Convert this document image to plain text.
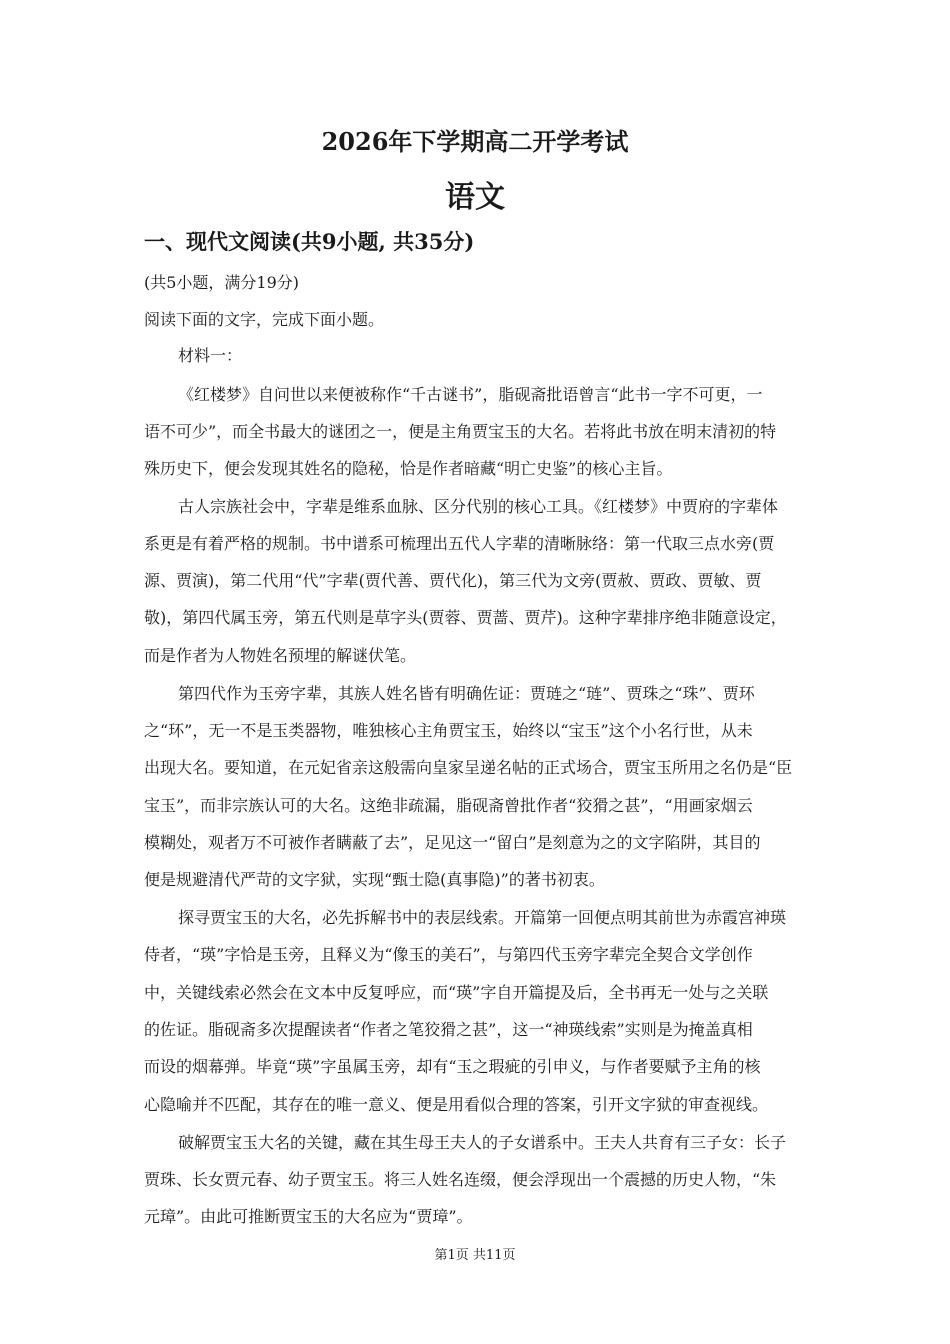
2026年下学期高二开学考试
语文
一、现代文阅读(共9小题, 共35分)
(共5小题，满分19分)
阅读下面的文字，完成下面小题。
材料一：
《红楼梦》自问世以来便被称作“千古谜书”，脂砚斋批语曾言“此书一字不可更，一
语不可少”，而全书最大的谜团之一，便是主角贾宝玉的大名。若将此书放在明末清初的特
殊历史下，便会发现其姓名的隐秘，恰是作者暗藏“明亡史鉴”的核心主旨。
古人宗族社会中，字辈是维系血脉、区分代别的核心工具。《红楼梦》中贾府的字辈体
系更是有着严格的规制。书中谱系可梳理出五代人字辈的清晰脉络：第一代取三点水旁(贾
源、贾演)，第二代用“代”字辈(贾代善、贾代化)，第三代为文旁(贾赦、贾政、贾敏、贾
敬)，第四代属玉旁，第五代则是草字头(贾蓉、贾蔷、贾芹)。这种字辈排序绝非随意设定，
而是作者为人物姓名预埋的解谜伏笔。
第四代作为玉旁字辈，其族人姓名皆有明确佐证：贾琏之“琏”、贾珠之“珠”、贾环
之“环”，无一不是玉类器物，唯独核心主角贾宝玉，始终以“宝玉”这个小名行世，从未
出现大名。要知道，在元妃省亲这般需向皇家呈递名帖的正式场合，贾宝玉所用之名仍是“臣
宝玉”，而非宗族认可的大名。这绝非疏漏，脂砚斋曾批作者“狡猾之甚”，“用画家烟云
模糊处，观者万不可被作者瞒蔽了去”，足见这一“留白”是刻意为之的文字陷阱，其目的
便是规避清代严苛的文字狱，实现“甄士隐(真事隐)”的著书初衷。
探寻贾宝玉的大名，必先拆解书中的表层线索。开篇第一回便点明其前世为赤霞宫神瑛
侍者，“瑛”字恰是玉旁，且释义为“像玉的美石”，与第四代玉旁字辈完全契合文学创作
中，关键线索必然会在文本中反复呼应，而“瑛”字自开篇提及后，全书再无一处与之关联
的佐证。脂砚斋多次提醒读者“作者之笔狡猾之甚”，这一“神瑛线索”实则是为掩盖真相
而设的烟幕弹。毕竟“瑛”字虽属玉旁，却有“玉之瑕疵的引申义，与作者要赋予主角的核
心隐喻并不匹配，其存在的唯一意义、便是用看似合理的答案，引开文字狱的审查视线。
破解贾宝玉大名的关键，藏在其生母王夫人的子女谱系中。王夫人共育有三子女：长子
贾珠、长女贾元春、幼子贾宝玉。将三人姓名连缀，便会浮现出一个震撼的历史人物，“朱
元璋”。由此可推断贾宝玉的大名应为“贾璋”。
第1页 共11页
